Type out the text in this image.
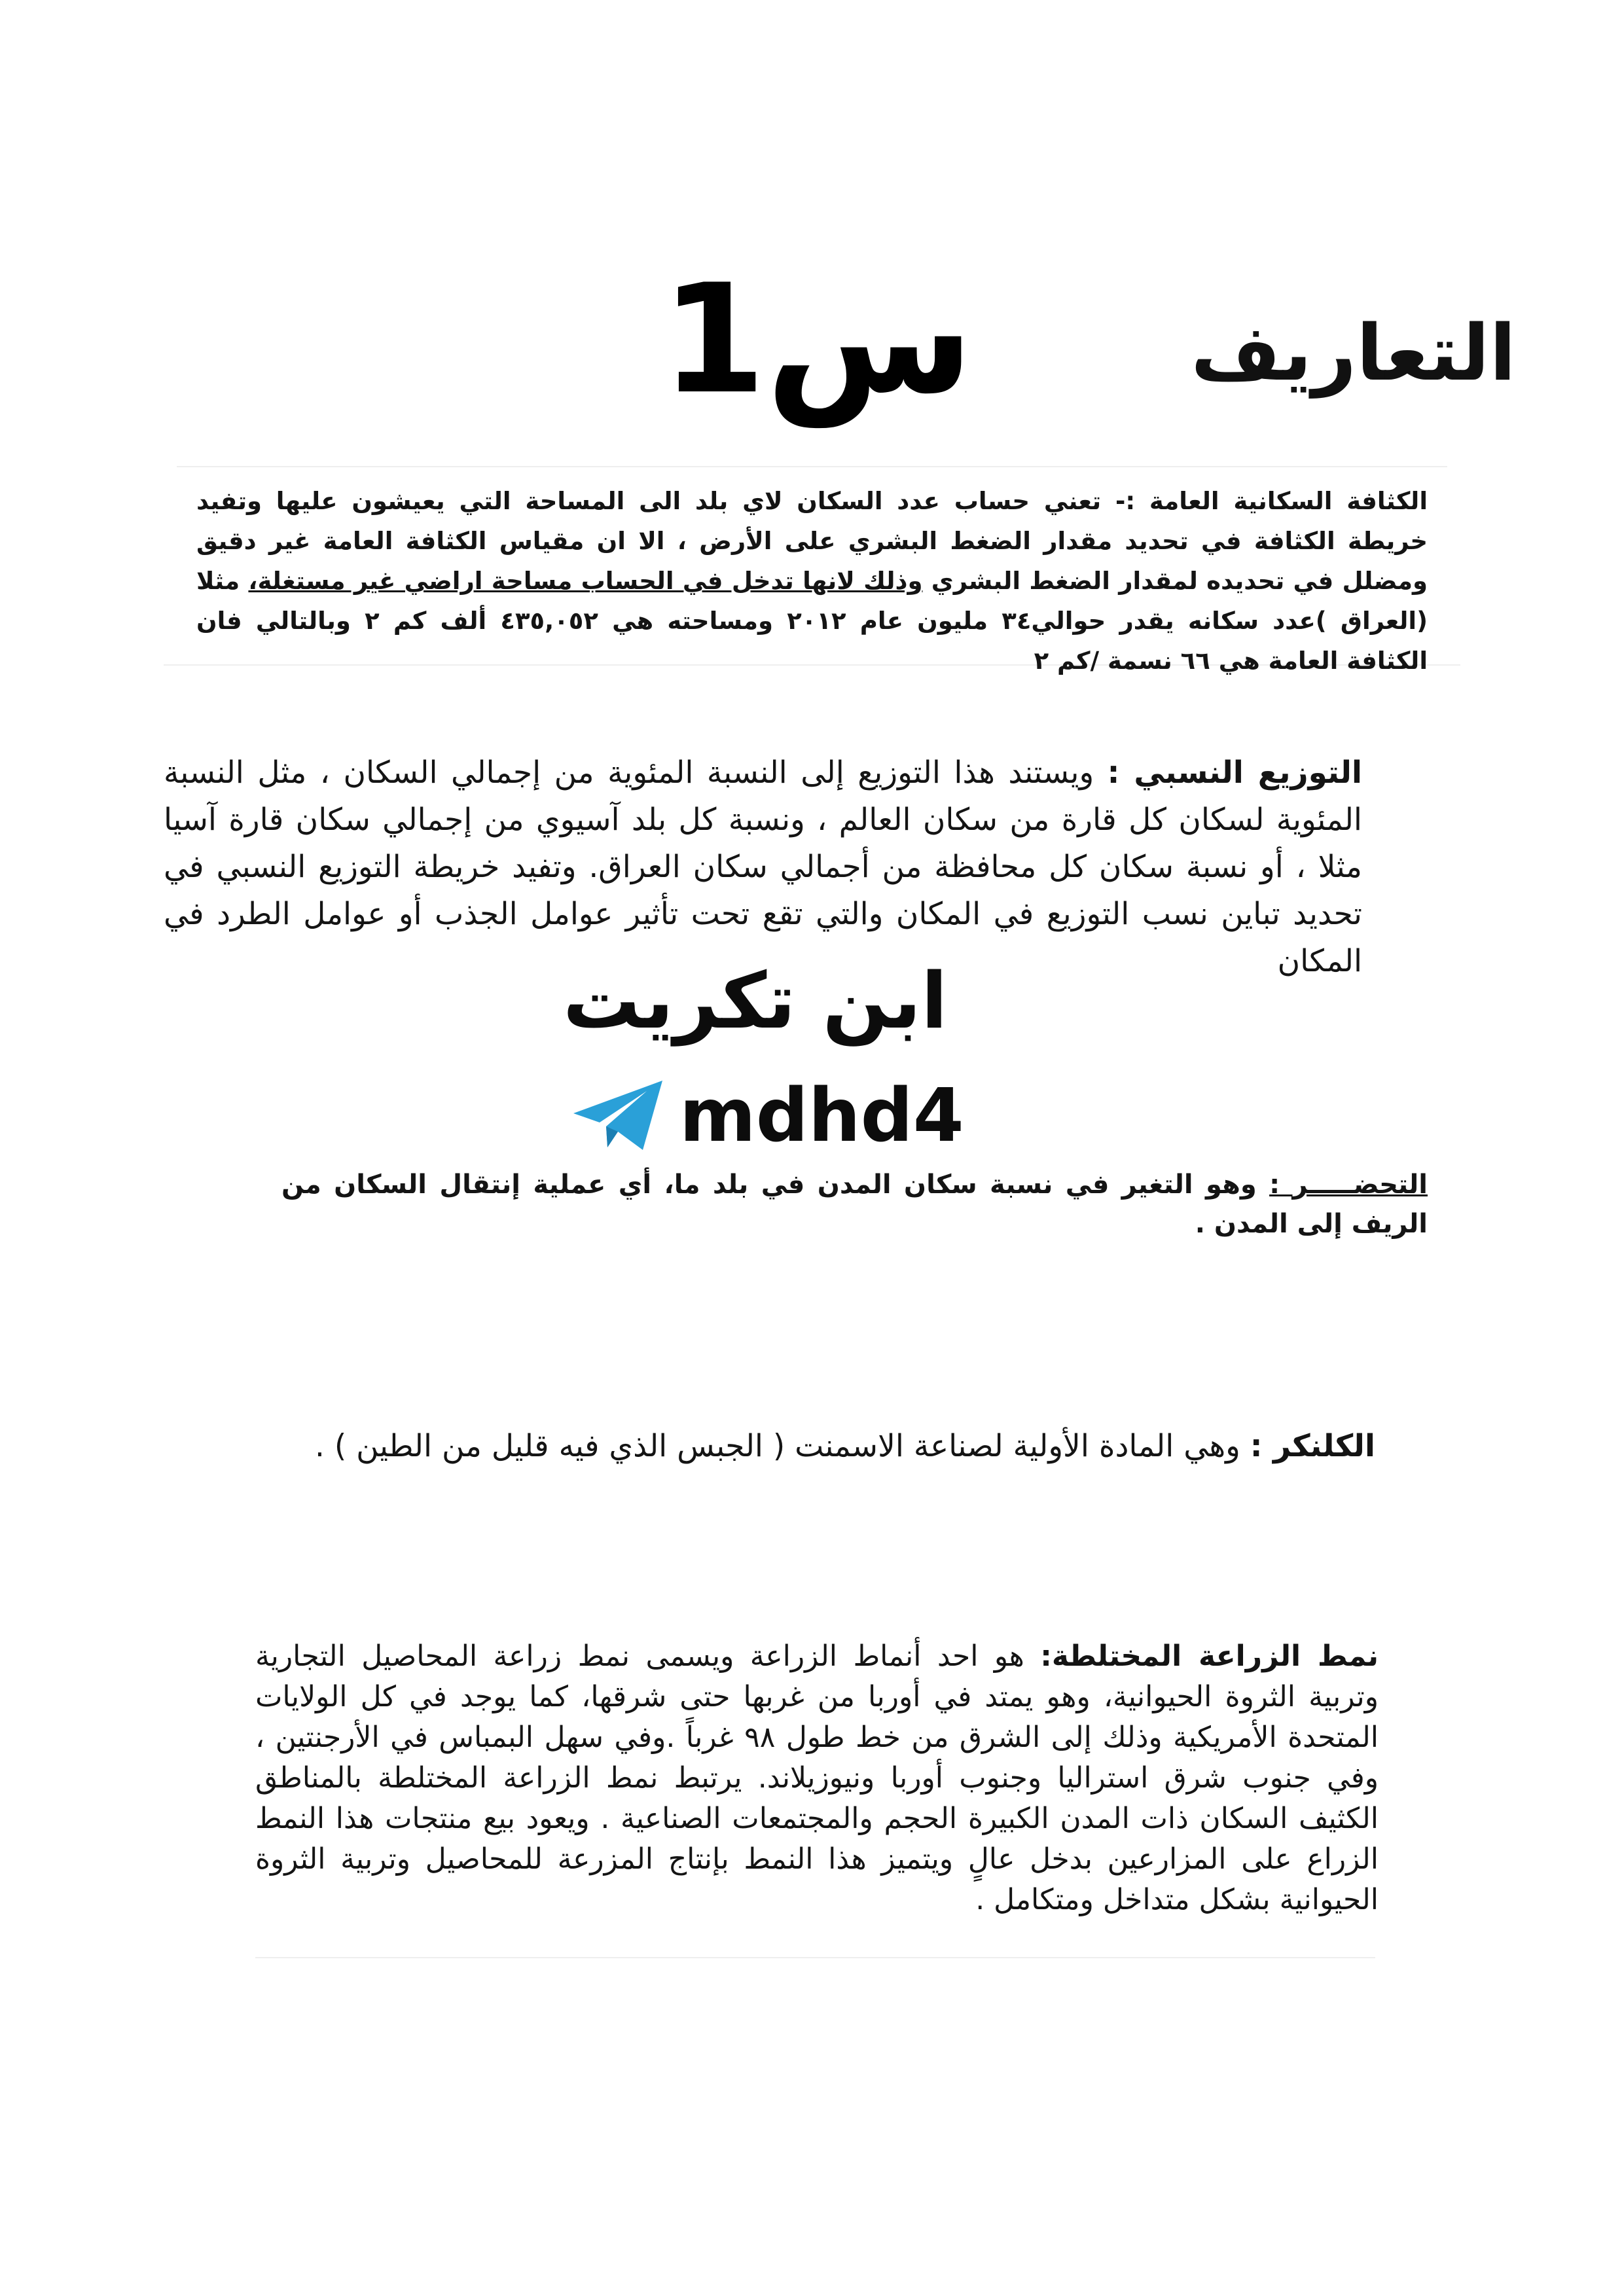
التعاريف
س1
الكثافة السكانية العامة :- تعني حساب عدد السكان لاي بلد الى المساحة التي يعيشون عليها وتفيد خريطة الكثافة في تحديد مقدار الضغط البشري على الأرض ، الا ان مقياس الكثافة العامة غير دقيق ومضلل في تحديده لمقدار الضغط البشري وذلك لانها تدخل في الحساب مساحة اراضي غير مستغلة، مثلا (العراق )عدد سكانه يقدر حوالي٣٤ مليون عام ٢٠١٢ ومساحته هي ٤٣٥,٠٥٢ ألف كم ٢ وبالتالي فان الكثافة العامة هي ٦٦ نسمة /كم ٢
التوزيع النسبي : ويستند هذا التوزيع إلى النسبة المئوية من إجمالي السكان ، مثل النسبة المئوية لسكان كل قارة من سكان العالم ، ونسبة كل بلد آسيوي من إجمالي سكان قارة آسيا مثلا ، أو نسبة سكان كل محافظة من أجمالي سكان العراق. وتفيد خريطة التوزيع النسبي في تحديد تباين نسب التوزيع في المكان والتي تقع تحت تأثير عوامل الجذب أو عوامل الطرد في المكان
ابن تكريت
mdhd4
التحضـــــر : وهو التغير في نسبة سكان المدن في بلد ما، أي عملية إنتقال السكان من الريف إلى المدن .
الكلنكر : وهي المادة الأولية لصناعة الاسمنت ( الجبس الذي فيه قليل من الطين ) .
نمط الزراعة المختلطة: هو احد أنماط الزراعة ويسمى نمط زراعة المحاصيل التجارية وتربية الثروة الحيوانية، وهو يمتد في أوربا من غربها حتى شرقها، كما يوجد في كل الولايات المتحدة الأمريكية وذلك إلى الشرق من خط طول ٩٨ غرباً .وفي سهل البمباس في الأرجنتين ، وفي جنوب شرق استراليا وجنوب أوربا ونيوزيلاند. يرتبط نمط الزراعة المختلطة بالمناطق الكثيف السكان ذات المدن الكبيرة الحجم والمجتمعات الصناعية . ويعود بيع منتجات هذا النمط الزراع على المزارعين بدخل عالٍ ويتميز هذا النمط بإنتاج المزرعة للمحاصيل وتربية الثروة الحيوانية بشكل متداخل ومتكامل .
